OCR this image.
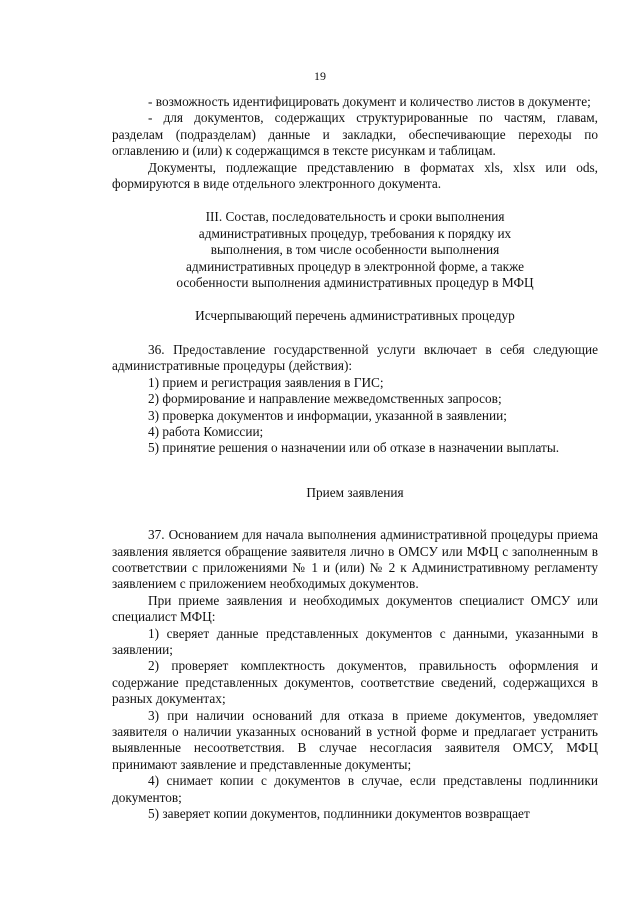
19

- возможность идентифицировать документ и количество листов в документе;

- для документов, содержащих структурированные по частям, главам, разделам (подразделам) данные и закладки, обеспечивающие переходы по оглавлению и (или) к содержащимся в тексте рисункам и таблицам.

Документы, подлежащие представлению в форматах xls, xlsx или ods, формируются в виде отдельного электронного документа.

III. Состав, последовательность и сроки выполнения

административных процедур, требования к порядку их

выполнения, в том числе особенности выполнения

административных процедур в электронной форме, а также

особенности выполнения административных процедур в МФЦ

Исчерпывающий перечень административных процедур

36. Предоставление государственной услуги включает в себя следующие административные процедуры (действия):

1) прием и регистрация заявления в ГИС;

2) формирование и направление межведомственных запросов;

3) проверка документов и информации, указанной в заявлении;

4) работа Комиссии;

5) принятие решения о назначении или об отказе в назначении выплаты.

Прием заявления

37. Основанием для начала выполнения административной процедуры приема заявления является обращение заявителя лично в ОМСУ или МФЦ с заполненным в соответствии с приложениями № 1 и (или) № 2 к Административному регламенту заявлением с приложением необходимых документов.

При приеме заявления и необходимых документов специалист ОМСУ или специалист МФЦ:

1) сверяет данные представленных документов с данными, указанными в заявлении;

2) проверяет комплектность документов, правильность оформления и содержание представленных документов, соответствие сведений, содержащихся в разных документах;

3) при наличии оснований для отказа в приеме документов, уведомляет заявителя о наличии указанных оснований в устной форме и предлагает устранить выявленные несоответствия. В случае несогласия заявителя ОМСУ, МФЦ принимают заявление и представленные документы;

4) снимает копии с документов в случае, если представлены подлинники документов;

5) заверяет копии документов, подлинники документов возвращает
